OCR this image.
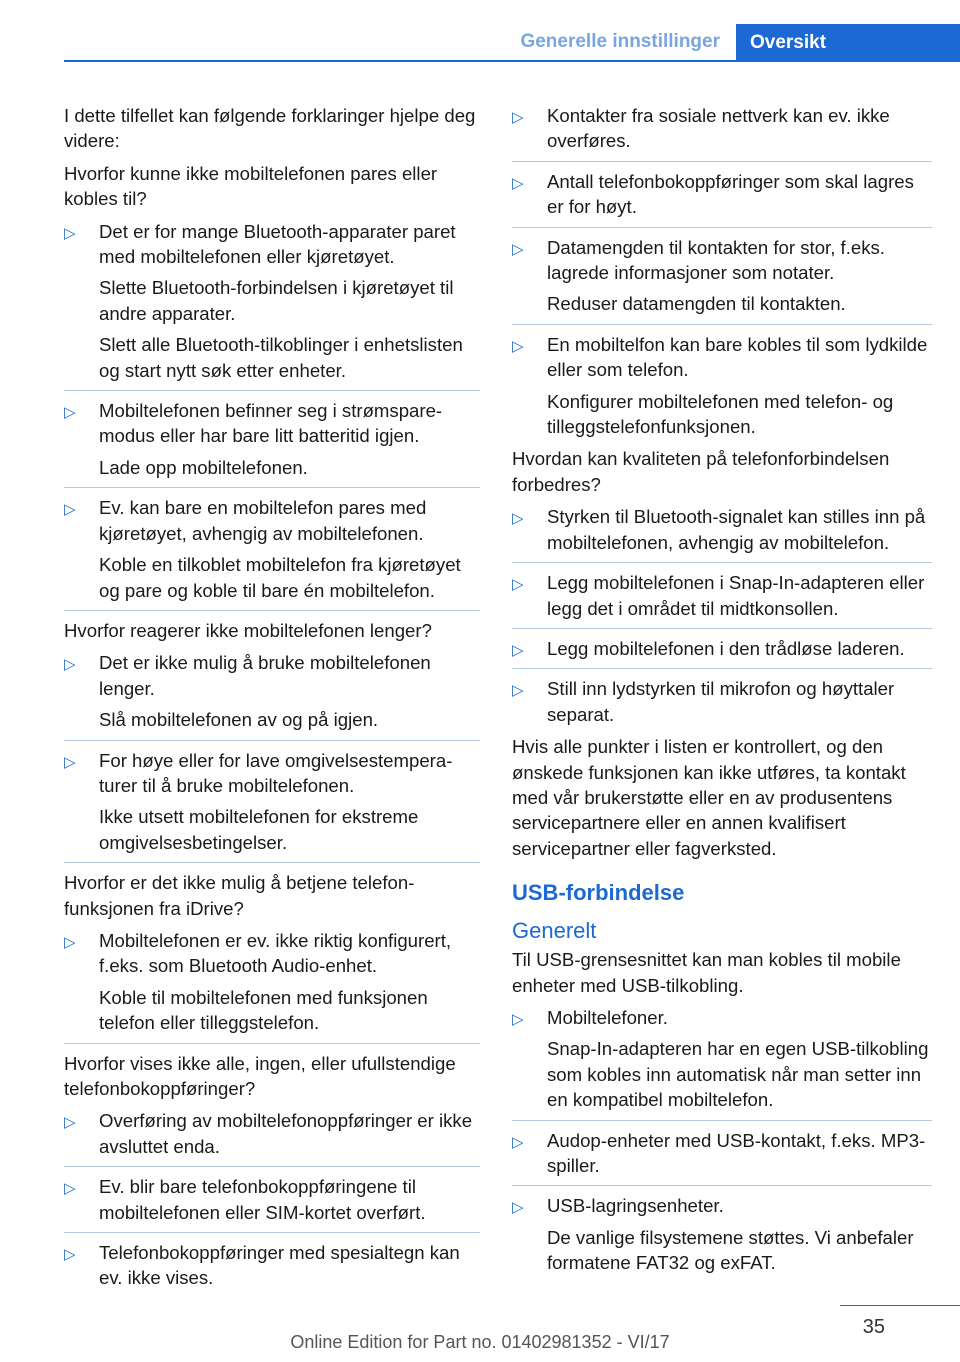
Generelle innstillinger	Oversikt

I dette tilfellet kan følgende forklaringer hjelpe deg videre:

Hvorfor kunne ikke mobiltelefonen pares eller kobles til?

▷ Det er for mange Bluetooth-apparater paret med mobiltelefonen eller kjøretøyet.

Slette Bluetooth-forbindelsen i kjøretøyet til andre apparater.

Slett alle Bluetooth-tilkoblinger i enhetslisten og start nytt søk etter enheter.

▷ Mobiltelefonen befinner seg i strømsparemodus eller har bare litt batteritid igjen.

Lade opp mobiltelefonen.

▷ Ev. kan bare en mobiltelefon pares med kjøretøyet, avhengig av mobiltelefonen.

Koble en tilkoblet mobiltelefon fra kjøretøyet og pare og koble til bare én mobiltelefon.

Hvorfor reagerer ikke mobiltelefonen lenger?

▷ Det er ikke mulig å bruke mobiltelefonen lenger.

Slå mobiltelefonen av og på igjen.

▷ For høye eller for lave omgivelsestemperaturer til å bruke mobiltelefonen.

Ikke utsett mobiltelefonen for ekstreme omgivelsesbetingelser.

Hvorfor er det ikke mulig å betjene telefonfunksjonen fra iDrive?

▷ Mobiltelefonen er ev. ikke riktig konfigurert, f.eks. som Bluetooth Audio-enhet.

Koble til mobiltelefonen med funksjonen telefon eller tilleggstelefon.

Hvorfor vises ikke alle, ingen, eller ufullstendige telefonbokoppføringer?

▷ Overføring av mobiltelefonoppføringer er ikke avsluttet enda.

▷ Ev. blir bare telefonbokoppføringene til mobiltelefonen eller SIM-kortet overført.

▷ Telefonbokoppføringer med spesialtegn kan ev. ikke vises.

▷ Kontakter fra sosiale nettverk kan ev. ikke overføres.

▷ Antall telefonbokoppføringer som skal lagres er for høyt.

▷ Datamengden til kontakten for stor, f.eks. lagrede informasjoner som notater.

Reduser datamengden til kontakten.

▷ En mobiltelfon kan bare kobles til som lydkilde eller som telefon.

Konfigurer mobiltelefonen med telefon- og tilleggstelefonfunksjonen.

Hvordan kan kvaliteten på telefonforbindelsen forbedres?

▷ Styrken til Bluetooth-signalet kan stilles inn på mobiltelefonen, avhengig av mobiltelefon.

▷ Legg mobiltelefonen i Snap-In-adapteren eller legg det i området til midtkonsollen.

▷ Legg mobiltelefonen i den trådløse laderen.

▷ Still inn lydstyrken til mikrofon og høyttaler separat.

Hvis alle punkter i listen er kontrollert, og den ønskede funksjonen kan ikke utføres, ta kontakt med vår brukerstøtte eller en av produsentens servicepartnere eller en annen kvalifisert servicepartner eller fagverksted.

USB-forbindelse
Generelt

Til USB-grensesnittet kan man kobles til mobile enheter med USB-tilkobling.

▷ Mobiltelefoner.

Snap-In-adapteren har en egen USB-tilkobling som kobles inn automatisk når man setter inn en kompatibel mobiltelefon.

▷ Audop-enheter med USB-kontakt, f.eks. MP3-spiller.

▷ USB-lagringsenheter.

De vanlige filsystemene støttes. Vi anbefaler formatene FAT32 og exFAT.

35
Online Edition for Part no. 01402981352 - VI/17
